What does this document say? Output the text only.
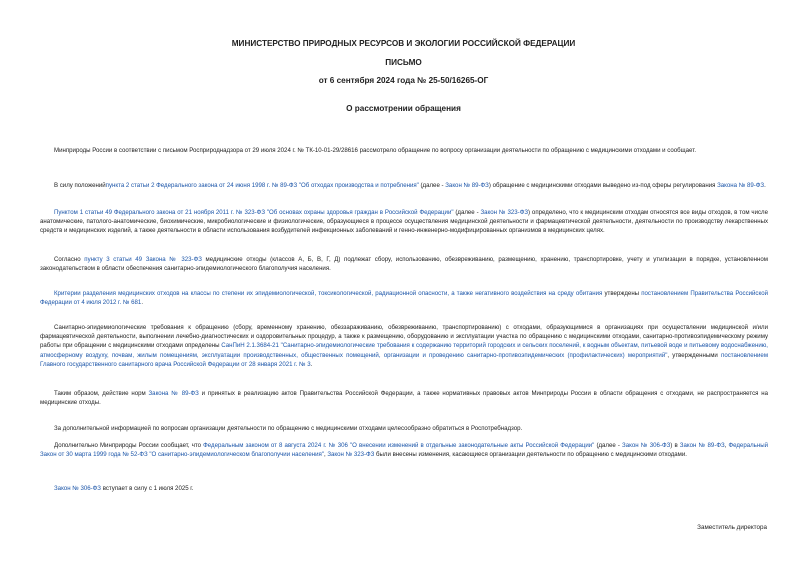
МИНИСТЕРСТВО ПРИРОДНЫХ РЕСУРСОВ И ЭКОЛОГИИ РОССИЙСКОЙ ФЕДЕРАЦИИ
ПИСЬМО
от 6 сентября 2024 года № 25-50/16265-ОГ
О рассмотрении обращения

Минприроды России в соответствии с письмом Росприроднадзора от 29 июля 2024 г. № ТК-10-01-29/28616 рассмотрело обращение по вопросу организации деятельности по обращению с медицинскими отходами и сообщает.

В силу положенийпункта 2 статьи 2 Федерального закона от 24 июня 1998 г. № 89-ФЗ "Об отходах производства и потребления" (далее - Закон № 89-ФЗ) обращение с медицинскими отходами выведено из-под сферы регулирования Закона № 89-ФЗ.

Пунктом 1 статьи 49 Федерального закона от 21 ноября 2011 г. № 323-ФЗ "Об основах охраны здоровья граждан в Российской Федерации" (далее - Закон № 323-ФЗ) определено, что к медицинским отходам относятся все виды отходов, в том числе анатомические, патолого-анатомические, биохимические, микробиологические и физиологические, образующиеся в процессе осуществления медицинской деятельности и фармацевтической деятельности, деятельности по производству лекарственных средств и медицинских изделий, а также деятельности в области использования возбудителей инфекционных заболеваний и генно-инженерно-модифицированных организмов в медицинских целях.

Согласно пункту 3 статьи 49 Закона № 323-ФЗ медицинские отходы (классов А, Б, В, Г, Д) подлежат сбору, использованию, обезвреживанию, размещению, хранению, транспортировке, учету и утилизации в порядке, установленном законодательством в области обеспечения санитарно-эпидемиологического благополучия населения.

Критерии разделения медицинских отходов на классы по степени их эпидемиологической, токсикологической, радиационной опасности, а также негативного воздействия на среду обитания утверждены постановлением Правительства Российской Федерации от 4 июля 2012 г. № 681.

Санитарно-эпидемиологические требования к обращению (сбору, временному хранению, обеззараживанию, обезвреживанию, транспортированию) с отходами, образующимися в организациях при осуществлении медицинской и/или фармацевтической деятельности, выполнении лечебно-диагностических и оздоровительных процедур, а также к размещению, оборудованию и эксплуатации участка по обращению с медицинскими отходами, санитарно-противоэпидемическому режиму работы при обращении с медицинскими отходами определены СанПиН 2.1.3684-21 "Санитарно-эпидемиологические требования к содержанию территорий городских и сельских поселений, к водным объектам, питьевой воде и питьевому водоснабжению, атмосферному воздуху, почвам, жилым помещениям, эксплуатации производственных, общественных помещений, организации и проведению санитарно-противоэпидемических (профилактических) мероприятий", утвержденными постановлением Главного государственного санитарного врача Российской Федерации от 28 января 2021 г. № 3.

Таким образом, действие норм Закона № 89-ФЗ и принятых в реализацию актов Правительства Российской Федерации, а также нормативных правовых актов Минприроды России в области обращения с отходами, не распространяется на медицинские отходы.

За дополнительной информацией по вопросам организации деятельности по обращению с медицинскими отходами целесообразно обратиться в Роспотребнадзор.

Дополнительно Минприроды России сообщает, что Федеральным законом от 8 августа 2024 г. № 306 "О внесении изменений в отдельные законодательные акты Российской Федерации" (далее - Закон № 306-ФЗ) в Закон № 89-ФЗ, Федеральный Закон от 30 марта 1999 года № 52-ФЗ "О санитарно-эпидемиологическом благополучии населения", Закон № 323-ФЗ были внесены изменения, касающиеся организации деятельности по обращению с медицинскими отходами.

Закон № 306-ФЗ вступает в силу с 1 июля 2025 г.

Заместитель директора
